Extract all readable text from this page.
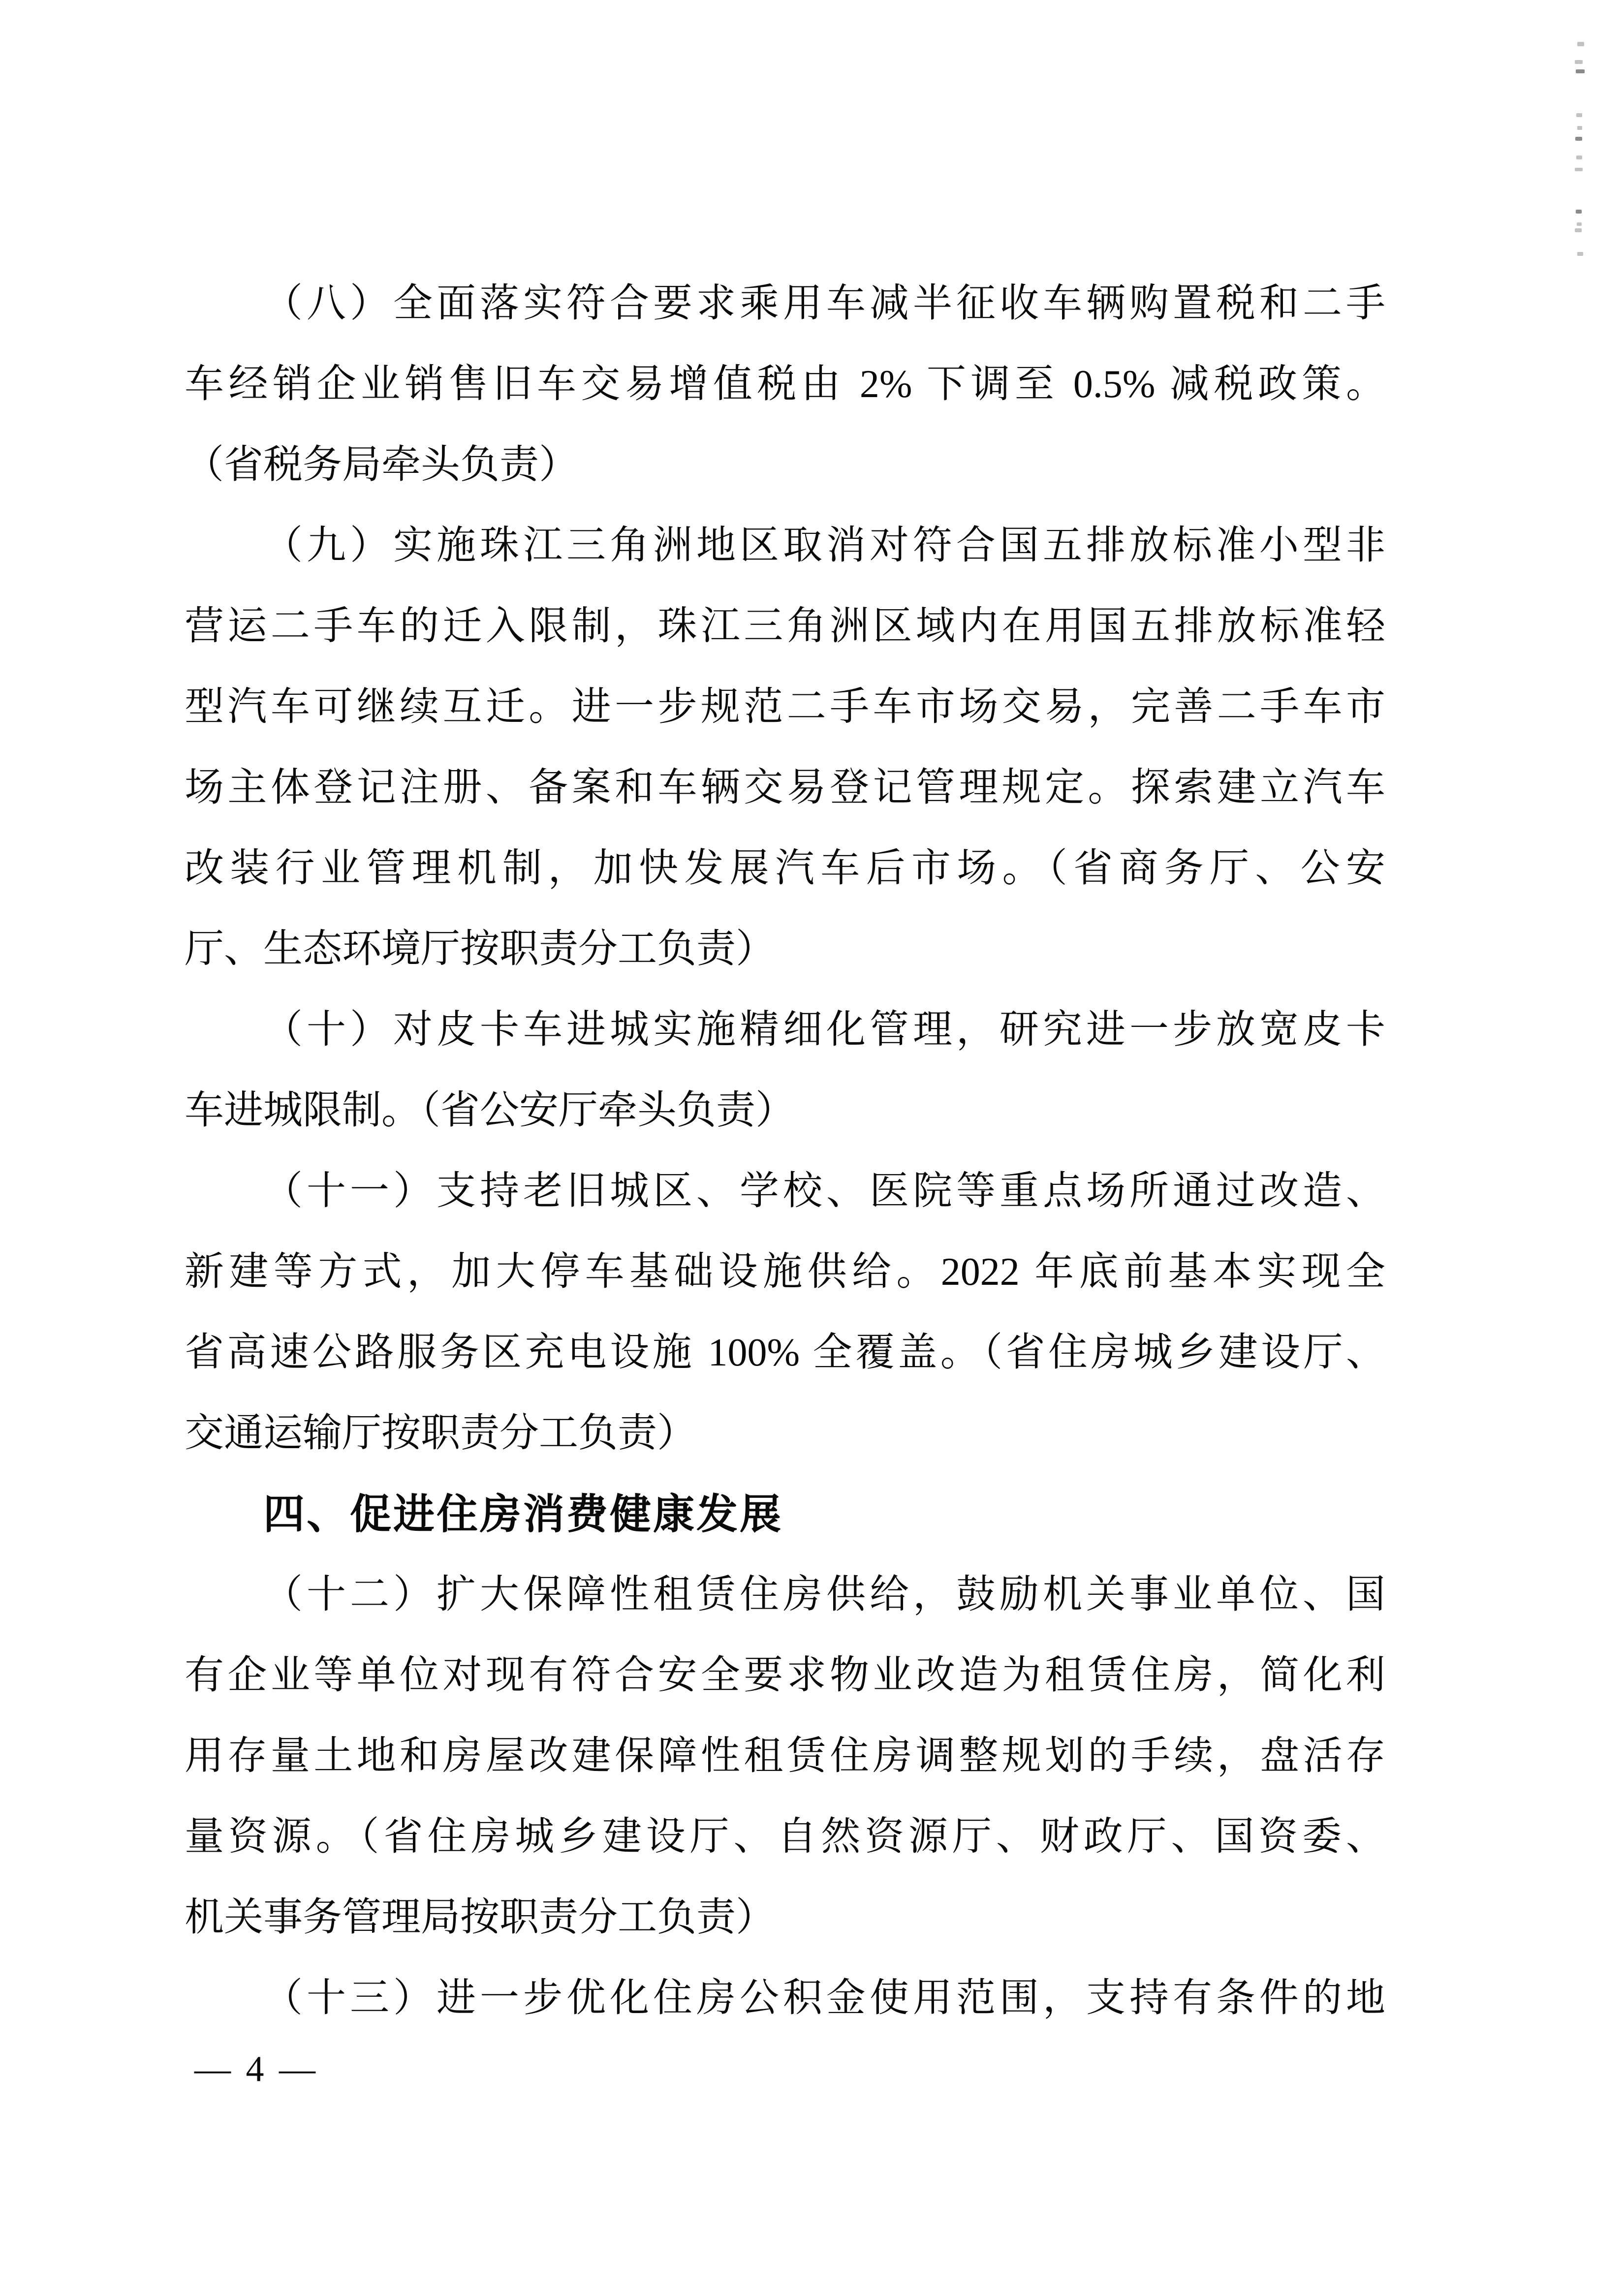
（八）全面落实符合要求乘用车减半征收车辆购置税和二手
车经销企业销售旧车交易增值税由 2% 下调至 0.5% 减税政策。
（省税务局牵头负责）
（九）实施珠江三角洲地区取消对符合国五排放标准小型非
营运二手车的迁入限制，珠江三角洲区域内在用国五排放标准轻
型汽车可继续互迁。进一步规范二手车市场交易，完善二手车市
场主体登记注册、备案和车辆交易登记管理规定。探索建立汽车
改装行业管理机制，加快发展汽车后市场。（省商务厅、公安
厅、生态环境厅按职责分工负责）
（十）对皮卡车进城实施精细化管理，研究进一步放宽皮卡
车进城限制。（省公安厅牵头负责）
（十一）支持老旧城区、学校、医院等重点场所通过改造、
新建等方式，加大停车基础设施供给。2022 年底前基本实现全
省高速公路服务区充电设施 100% 全覆盖。（省住房城乡建设厅、
交通运输厅按职责分工负责）
四、促进住房消费健康发展
（十二）扩大保障性租赁住房供给，鼓励机关事业单位、国
有企业等单位对现有符合安全要求物业改造为租赁住房，简化利
用存量土地和房屋改建保障性租赁住房调整规划的手续，盘活存
量资源。（省住房城乡建设厅、自然资源厅、财政厅、国资委、
机关事务管理局按职责分工负责）
（十三）进一步优化住房公积金使用范围，支持有条件的地
— 4 —
